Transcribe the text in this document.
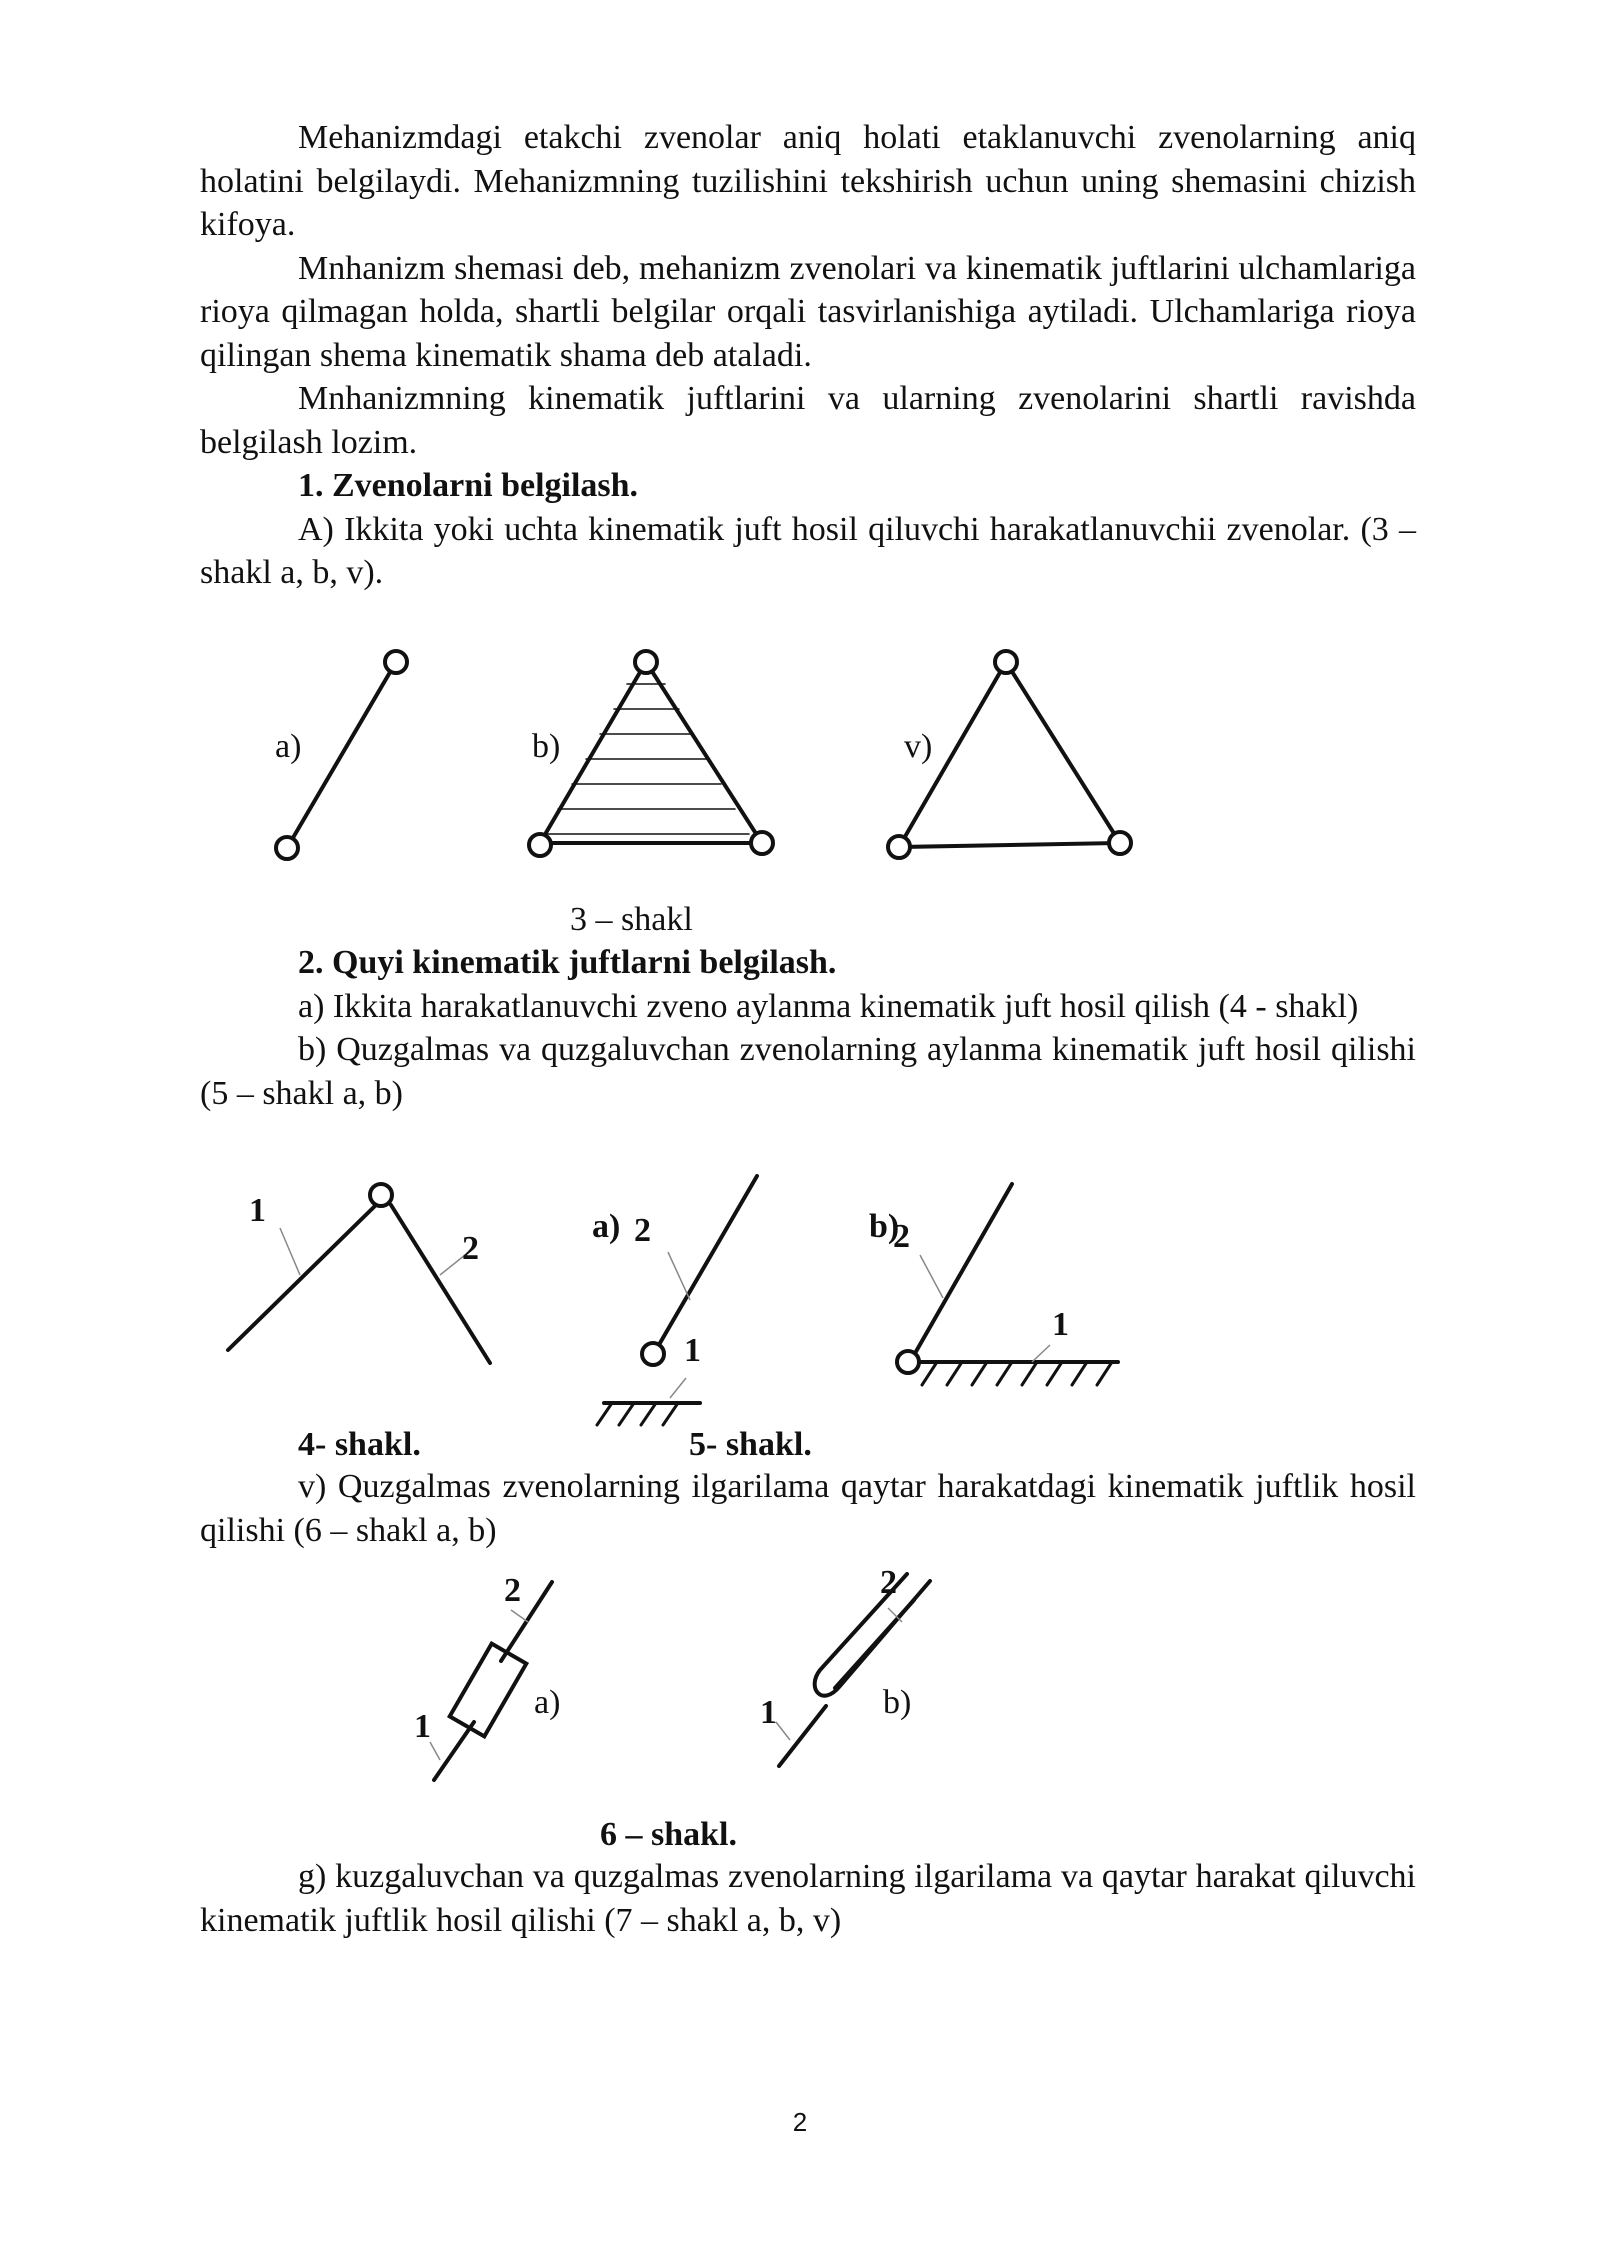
Mehanizmdagi etakchi zvenolar aniq holati etaklanuvchi zvenolarning aniq holatini belgilaydi. Mehanizmning tuzilishini tekshirish uchun uning shemasini chizish kifoya.

Mnhanizm shemasi deb, mehanizm zvenolari va kinematik juftlarini ulchamlariga rioya qilmagan holda, shartli belgilar orqali tasvirlanishiga aytiladi. Ulchamlariga rioya qilingan shema kinematik shama deb ataladi.

Mnhanizmning kinematik juftlarini va ularning zvenolarini shartli ravishda belgilash lozim.

1. Zvenolarni belgilash.

A) Ikkita yoki uchta kinematik juft hosil qiluvchi harakatlanuvchii zvenolar. (3 – shakl a, b, v).

a)	b)	v)
3 – shakl

2. Quyi kinematik juftlarni belgilash.

a) Ikkita harakatlanuvchi zveno aylanma kinematik juft hosil qilish (4 - shakl)

b) Quzgalmas va quzgaluvchan zvenolarning aylanma kinematik juft hosil qilishi (5 – shakl a, b)

1
2
a) 2
1
b)
2
1
4- shakl.	5- shakl.

v) Quzgalmas zvenolarning ilgarilama qaytar harakatdagi kinematik juftlik hosil qilishi (6 – shakl a, b)

2
1
a)
2
1	b)
6 – shakl.

g) kuzgaluvchan va quzgalmas zvenolarning ilgarilama va qaytar harakat qiluvchi kinematik juftlik hosil qilishi (7 – shakl a, b, v)

2
